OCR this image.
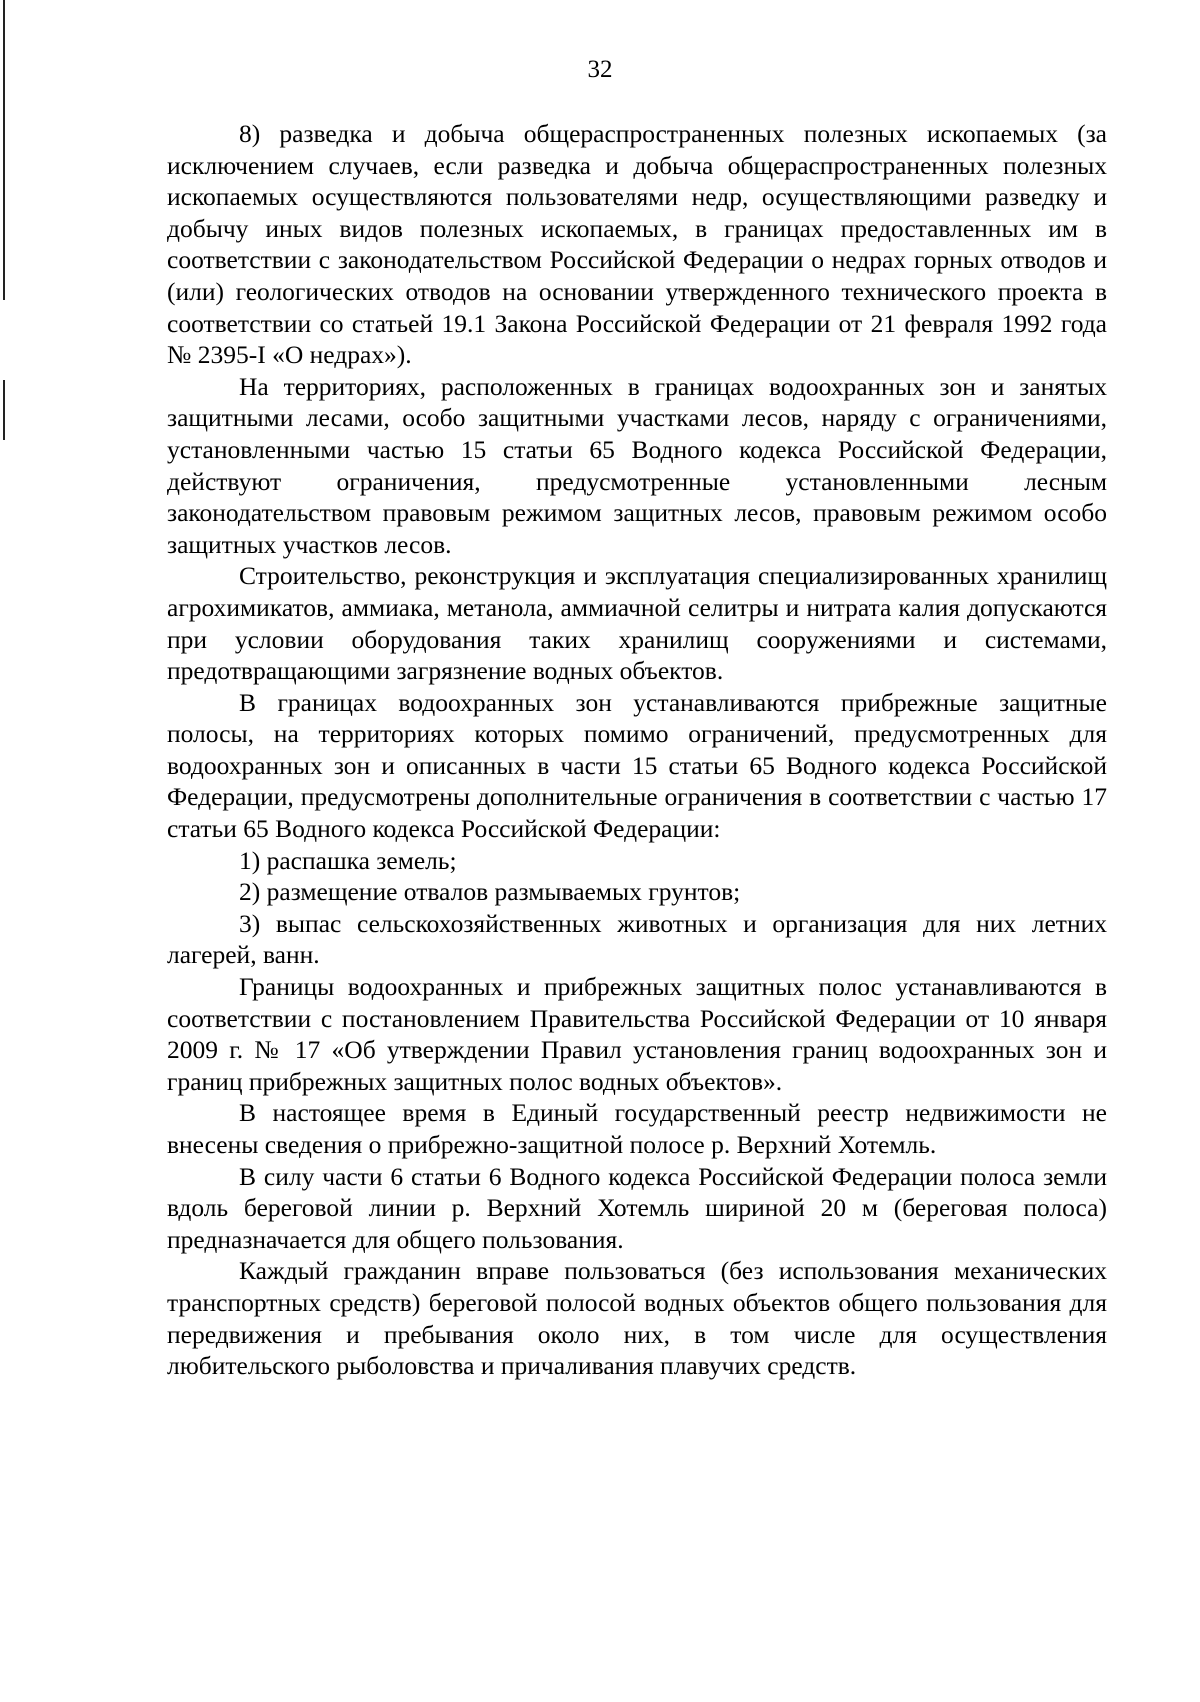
32

8) разведка и добыча общераспространенных полезных ископаемых (за исключением случаев, если разведка и добыча общераспространенных полезных ископаемых осуществляются пользователями недр, осуществляющими разведку и добычу иных видов полезных ископаемых, в границах предоставленных им в соответствии с законодательством Российской Федерации о недрах горных отводов и (или) геологических отводов на основании утвержденного технического проекта в соответствии со статьей 19.1 Закона Российской Федерации от 21 февраля 1992 года № 2395-I «О недрах»).

На территориях, расположенных в границах водоохранных зон и занятых защитными лесами, особо защитными участками лесов, наряду с ограничениями, установленными частью 15 статьи 65 Водного кодекса Российской Федерации, действуют ограничения, предусмотренные установленными лесным законодательством правовым режимом защитных лесов, правовым режимом особо защитных участков лесов.

Строительство, реконструкция и эксплуатация специализированных хранилищ агрохимикатов, аммиака, метанола, аммиачной селитры и нитрата калия допускаются при условии оборудования таких хранилищ сооружениями и системами, предотвращающими загрязнение водных объектов.

В границах водоохранных зон устанавливаются прибрежные защитные полосы, на территориях которых помимо ограничений, предусмотренных для водоохранных зон и описанных в части 15 статьи 65 Водного кодекса Российской Федерации, предусмотрены дополнительные ограничения в соответствии с частью 17 статьи 65 Водного кодекса Российской Федерации:

1) распашка земель;

2) размещение отвалов размываемых грунтов;

3) выпас сельскохозяйственных животных и организация для них летних лагерей, ванн.

Границы водоохранных и прибрежных защитных полос устанавливаются в соответствии с постановлением Правительства Российской Федерации от 10 января 2009 г. № 17 «Об утверждении Правил установления границ водоохранных зон и границ прибрежных защитных полос водных объектов».

В настоящее время в Единый государственный реестр недвижимости не внесены сведения о прибрежно-защитной полосе р. Верхний Хотемль.

В силу части 6 статьи 6 Водного кодекса Российской Федерации полоса земли вдоль береговой линии р. Верхний Хотемль шириной 20 м (береговая полоса) предназначается для общего пользования.

Каждый гражданин вправе пользоваться (без использования механических транспортных средств) береговой полосой водных объектов общего пользования для передвижения и пребывания около них, в том числе для осуществления любительского рыболовства и причаливания плавучих средств.
